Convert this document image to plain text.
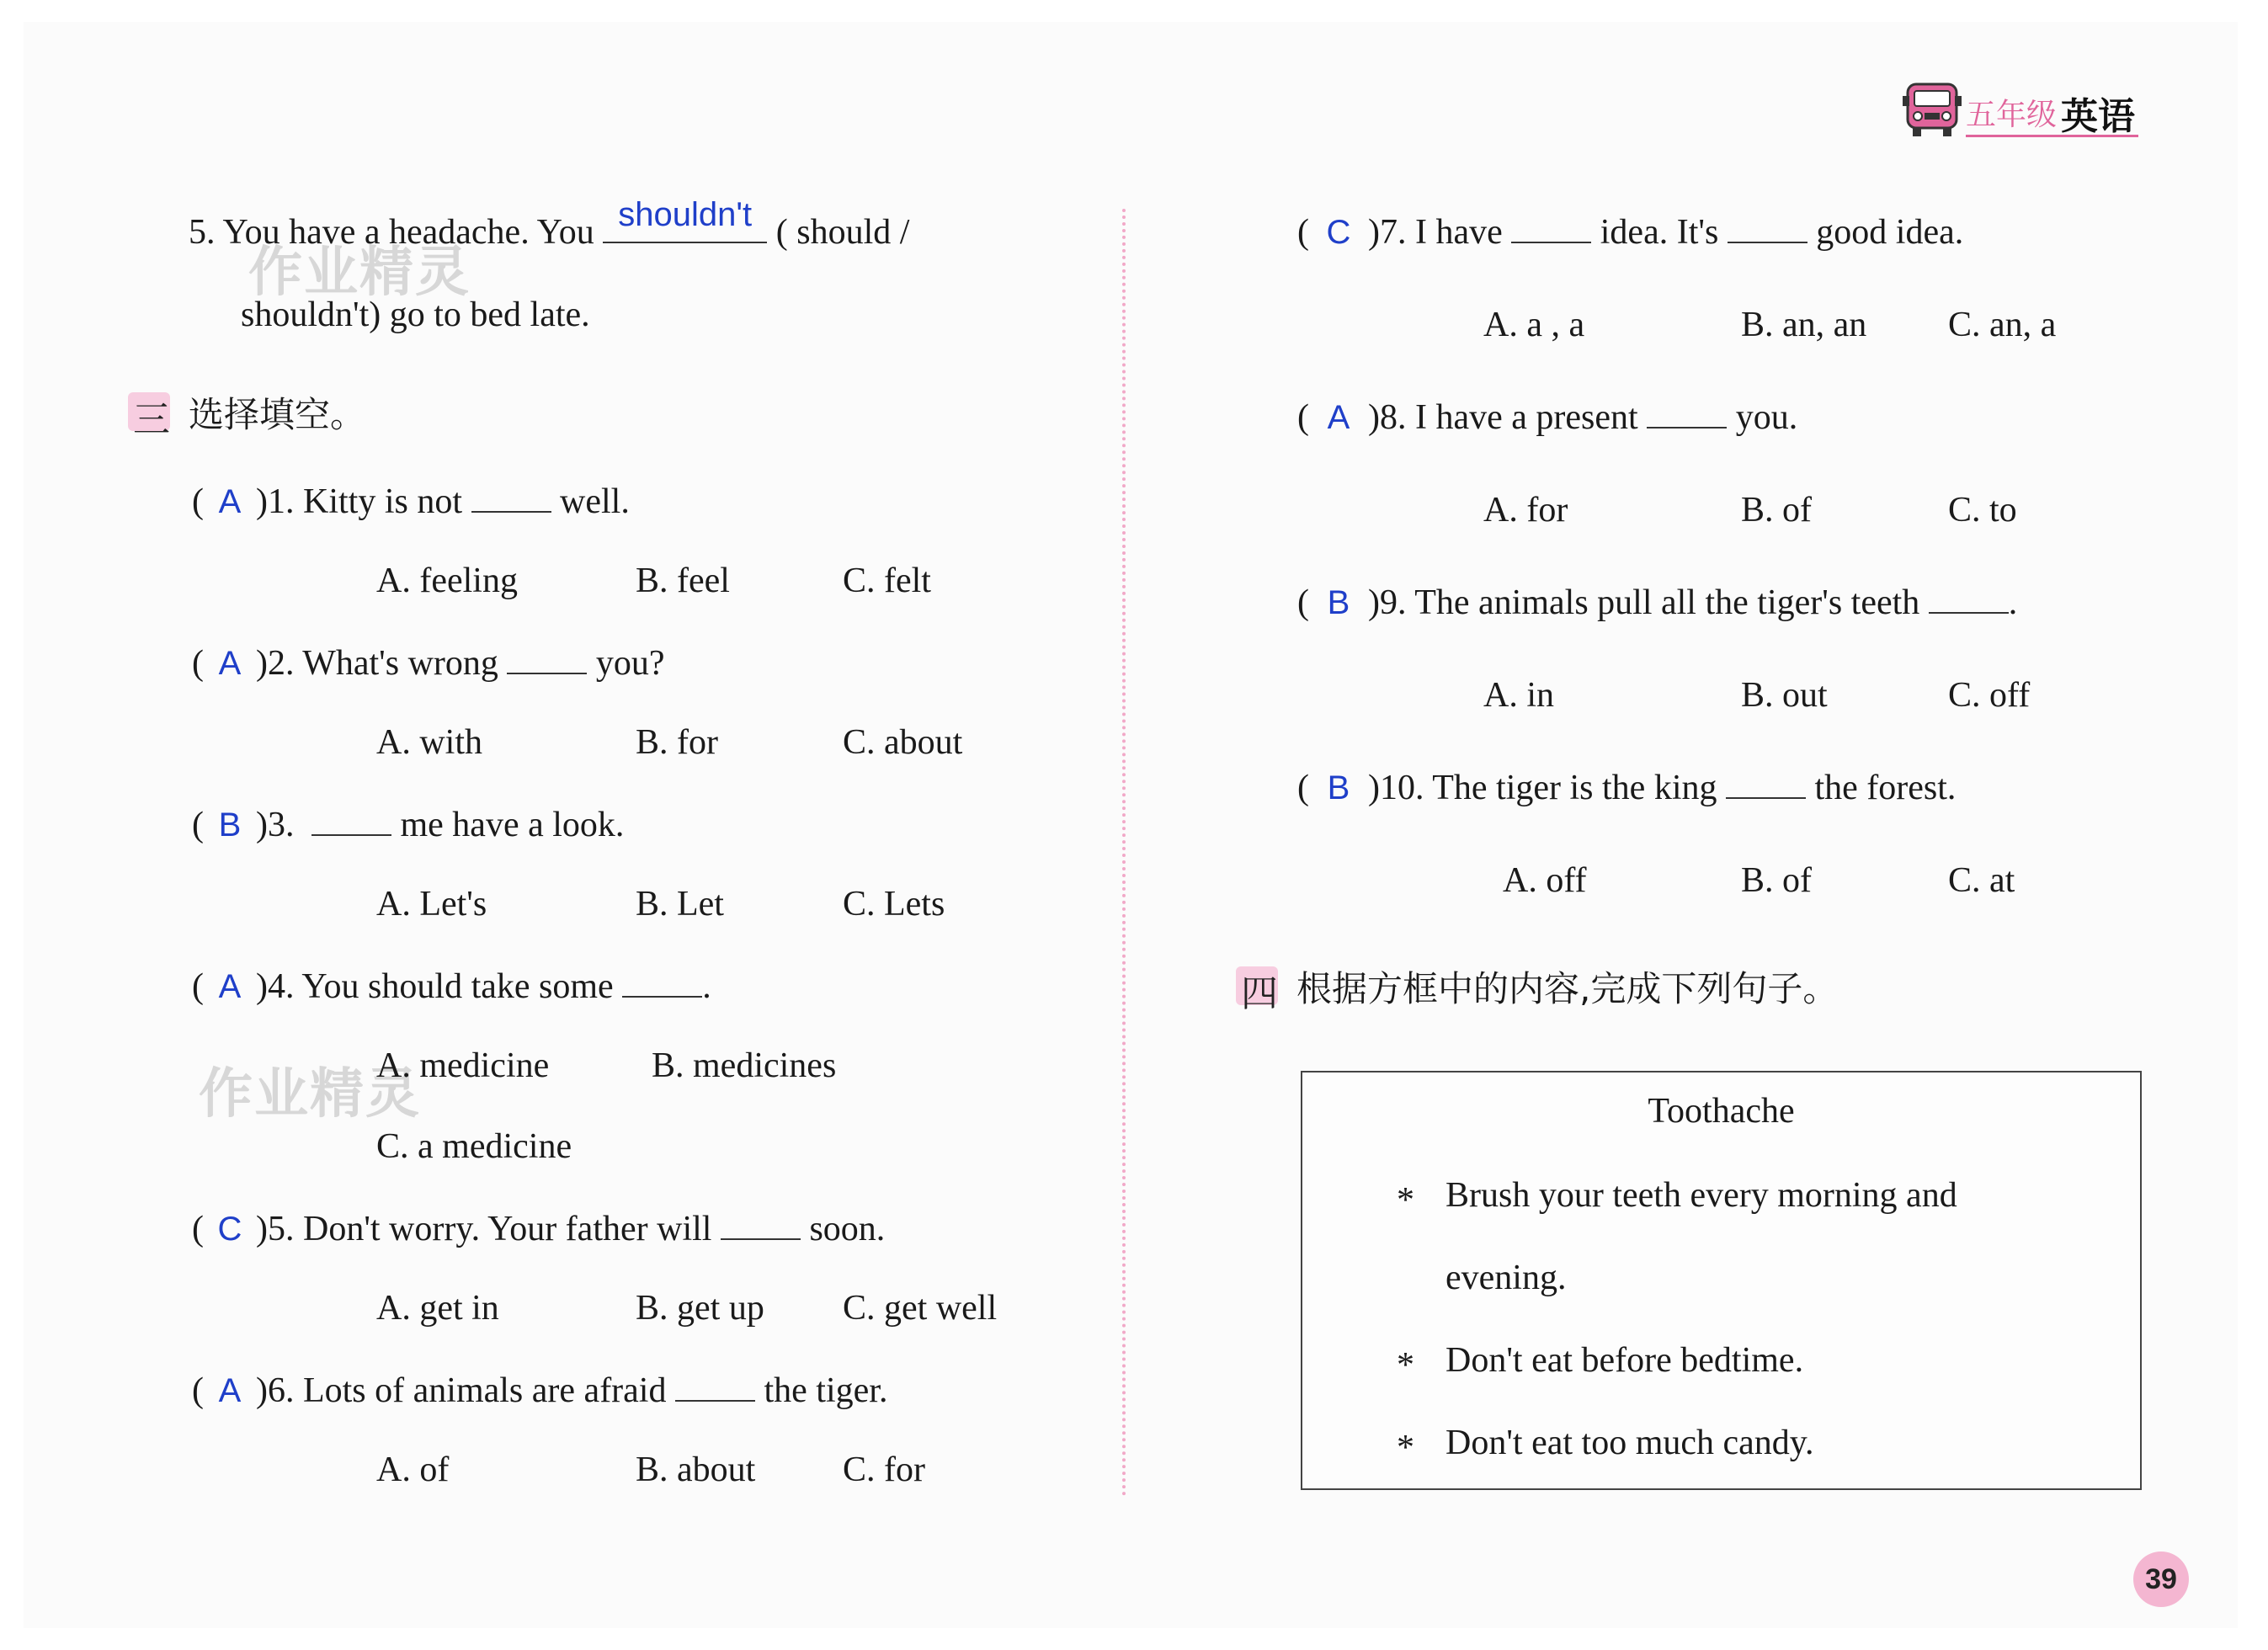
五年级 英语
作业精灵
作业精灵
5. You have a headache. You shouldn't ( should /
shouldn't) go to bed late.
三 选择填空。
( A )1. Kitty is not	well.
A. feeling	B. feel	C. felt
( A )2. What's wrong	you?
A. with	B. for	C. about
( B )3.	me have a look.
A. Let's	B. Let	C. Lets
( A )4. You should take some	.
A. medicine	B. medicines
C. a medicine
( C )5. Don't worry. Your father will	soon.
A. get in	B. get up C. get well
( A )6. Lots of animals are afraid	the tiger.
A. of	B. about C. for
( C )7. I have	idea. It's	good idea.
A. a , a	B. an, an C. an, a
( A )8. I have a present	you.
A. for	B. of	C. to
( B )9. The animals pull all the tiger's teeth	.
A. in	B. out	C. off
( B )10. The tiger is the king	the forest.
A. off	B. of	C. at
四 根据方框中的内容,完成下列句子。
Toothache
* Brush your teeth every morning and
evening.
* Don't eat before bedtime.
* Don't eat too much candy.
39
